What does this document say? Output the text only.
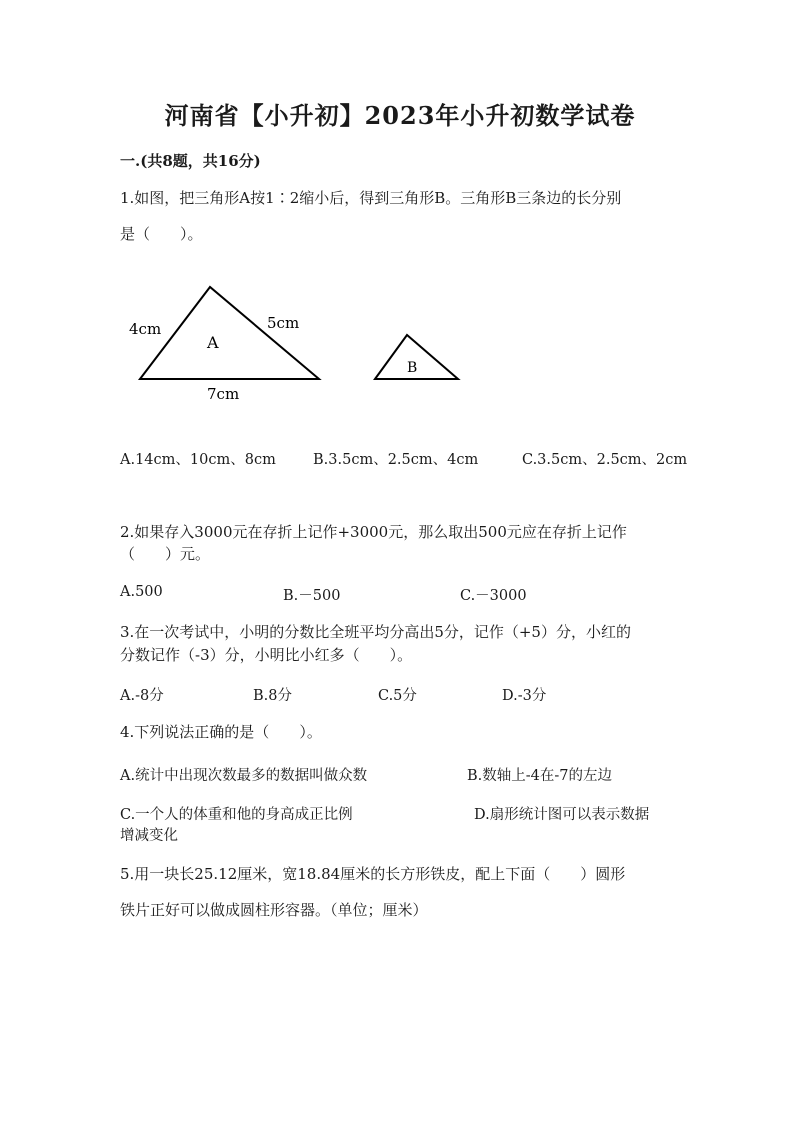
河南省【小升初】2023年小升初数学试卷
一.(共8题，共16分)
1.如图，把三角形A按1∶2缩小后，得到三角形B。三角形B三条边的长分别
是（　　）。
A
4cm	5cm
7cm
B
A.14cm、10cm、8cm	B.3.5cm、2.5cm、4cm	C.3.5cm、2.5cm、2cm
2.如果存入3000元在存折上记作+3000元，那么取出500元应在存折上记作
（　　）元。
A.500	B.－500	C.－3000
3.在一次考试中，小明的分数比全班平均分高出5分，记作（+5）分，小红的
分数记作（-3）分，小明比小红多（　　）。
A.-8分	B.8分	C.5分	D.-3分
4.下列说法正确的是（　　）。
A.统计中出现次数最多的数据叫做众数	B.数轴上-4在-7的左边
C.一个人的体重和他的身高成正比例	D.扇形统计图可以表示数据
增减变化
5.用一块长25.12厘米，宽18.84厘米的长方形铁皮，配上下面（　　）圆形
铁片正好可以做成圆柱形容器。（单位；厘米）
